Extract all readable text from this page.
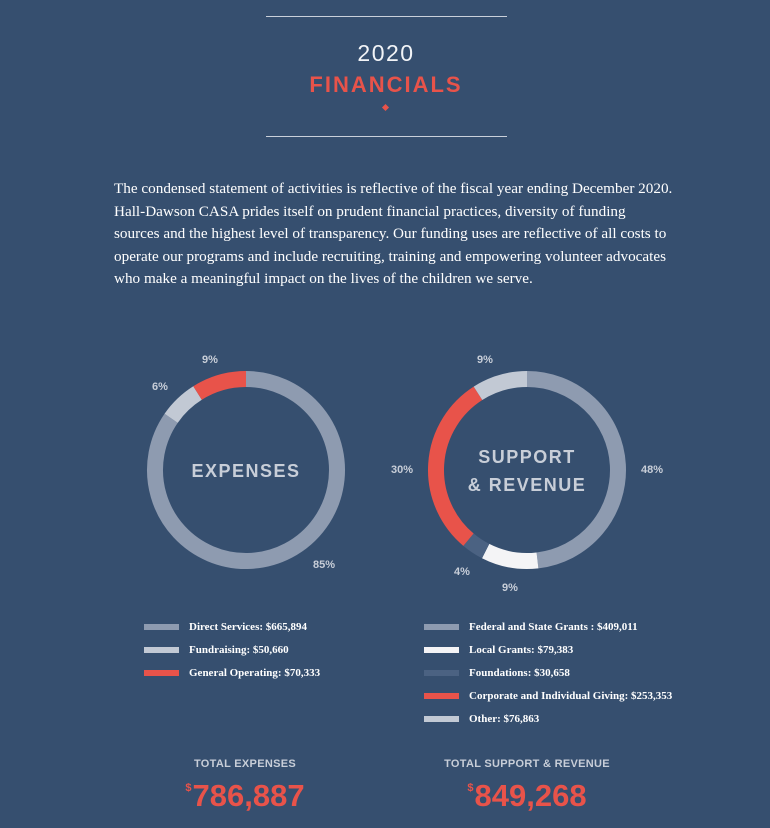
2020
FINANCIALS

The condensed statement of activities is reflective of the fiscal year ending December 2020. Hall-Dawson CASA prides itself on prudent financial practices, diversity of funding sources and the highest level of transparency. Our funding uses are reflective of all costs to operate our programs and include recruiting, training and empowering volunteer advocates who make a meaningful impact on the lives of the children we serve.

85%
6%
9%
EXPENSES	48%
9%
4%
30%
9%
SUPPORT
& REVENUE
Direct Services: $665,894
Fundraising: $50,660
General Operating: $70,333
Federal and State Grants : $409,011
Local Grants: $79,383
Foundations: $30,658
Corporate and Individual Giving: $253,353
Other: $76,863
TOTAL EXPENSES
$786,887
TOTAL SUPPORT & REVENUE
$849,268
